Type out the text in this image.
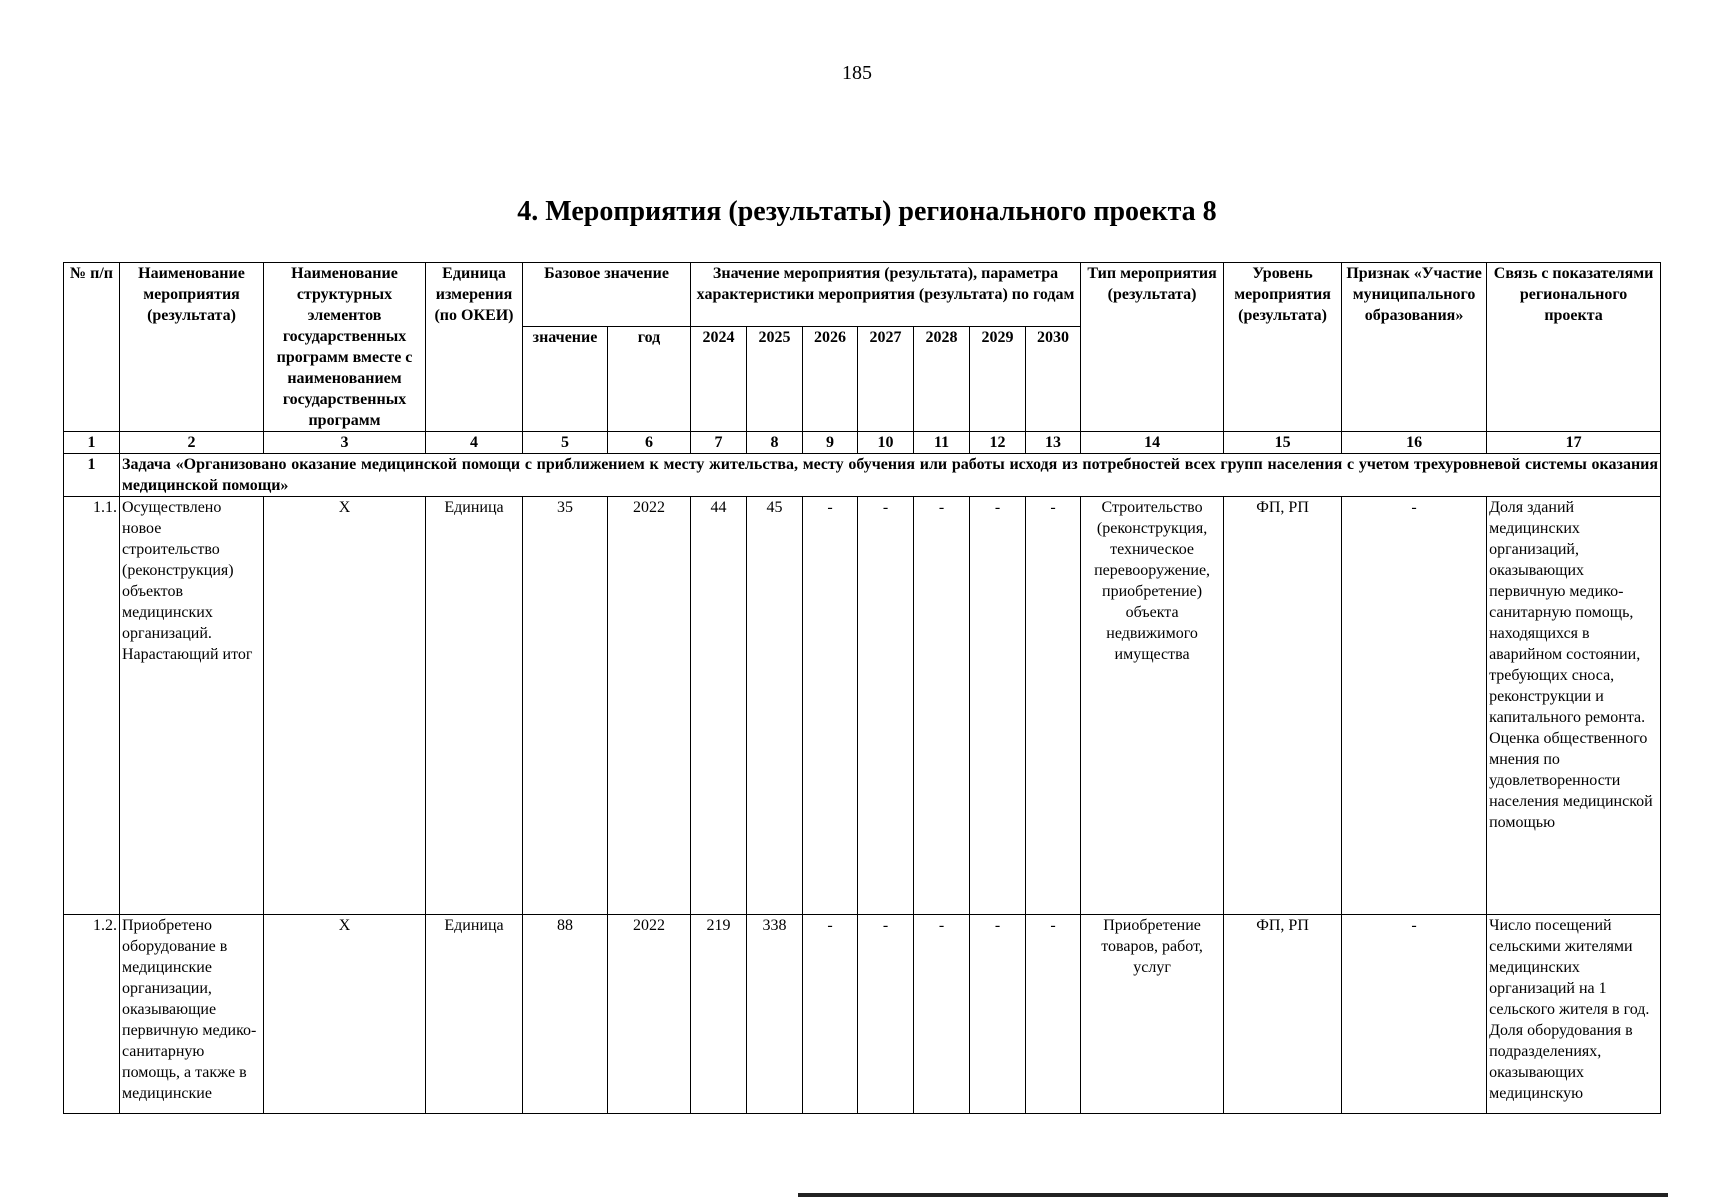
185
4. Мероприятия (результаты) регионального проекта 8
№ п/п	Наименование мероприятия (результата)	Наименование структурных элементов государственных программ вместе с наименованием государственных программ	Единица измерения (по ОКЕИ)	Базовое значение		Значение мероприятия (результата), параметра характеристики мероприятия (результата) по годам							Тип мероприятия (результата)	Уровень мероприятия (результата)	Признак «Участие муниципального образования»	Связь с показателями регионального проекта
				значение	год	2024	2025	2026	2027	2028	2029	2030				
1	2	3	4	5	6	7	8	9	10	11	12	13	14	15	16	17
1	Задача «Организовано оказание медицинской помощи с приближением к месту жительства, месту обучения или работы исходя из потребностей всех групп населения с учетом трехуровневой системы оказания медицинской помощи»															
1.1.	Осуществлено новое строительство (реконструкция) объектов медицинских организаций. Нарастающий итог	X	Единица	35	2022	44	45	-	-	-	-	-	Строительство (реконструкция, техническое перевооружение, приобретение) объекта недвижимого имущества	ФП, РП	-	Доля зданий медицинских организаций, оказывающих первичную медико-санитарную помощь, находящихся в аварийном состоянии, требующих сноса, реконструкции и капитального ремонта. Оценка общественного мнения по удовлетворенности населения медицинской помощью
1.2.	Приобретено оборудование в медицинские организации, оказывающие первичную медико-санитарную помощь, а также в медицинские	X	Единица	88	2022	219	338	-	-	-	-	-	Приобретение товаров, работ, услуг	ФП, РП	-	Число посещений сельскими жителями медицинских организаций на 1 сельского жителя в год. Доля оборудования в подразделениях, оказывающих медицинскую
